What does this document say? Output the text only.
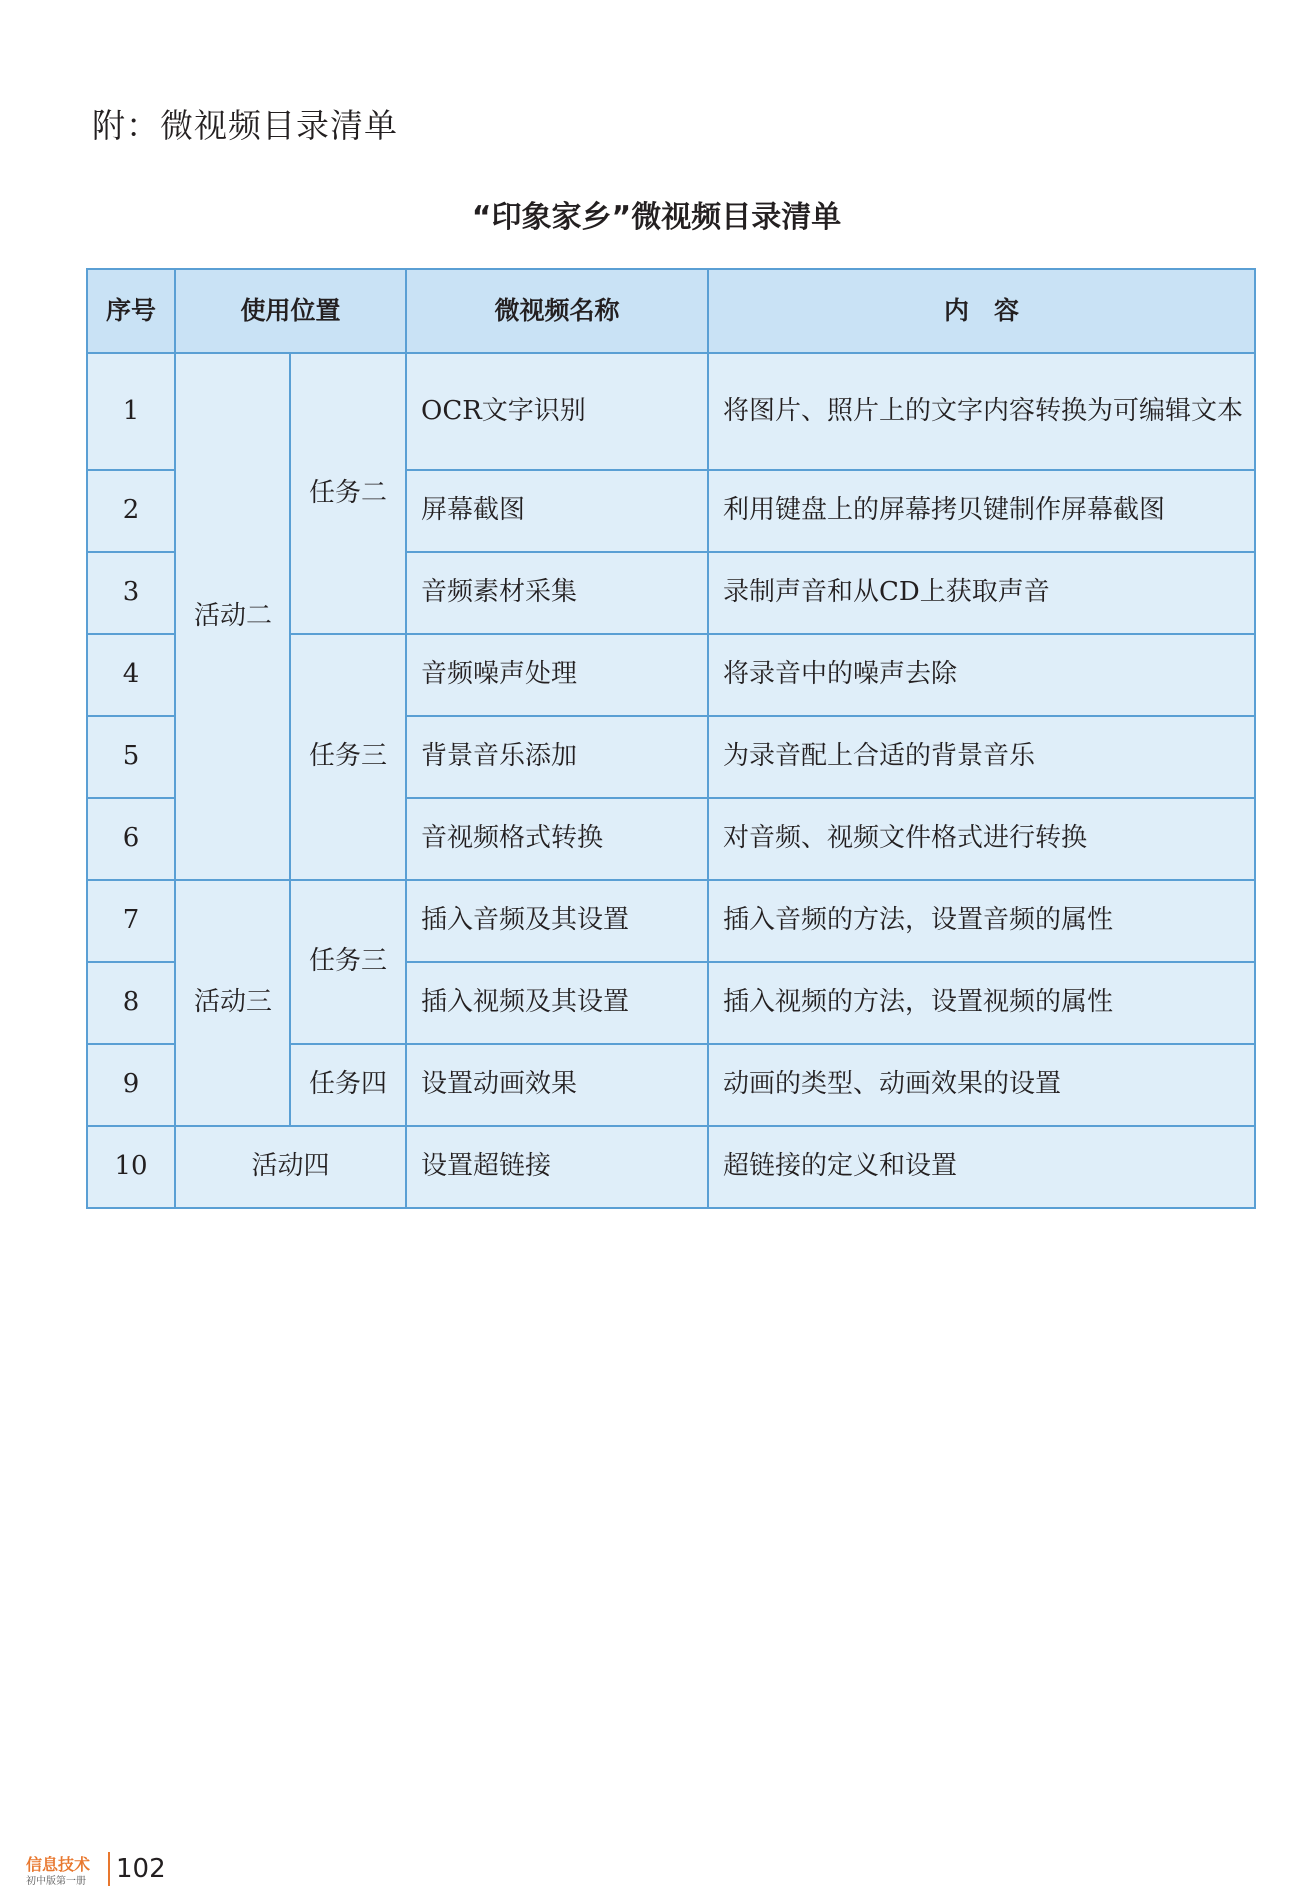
附：微视频目录清单
“印象家乡”微视频目录清单
序号	使用位置		微视频名称	内　容
1	活动二	任务二	OCR文字识别	将图片、照片上的文字内容转换为可编辑文本
2			屏幕截图	利用键盘上的屏幕拷贝键制作屏幕截图
3			音频素材采集	录制声音和从CD上获取声音
4		任务三	音频噪声处理	将录音中的噪声去除
5			背景音乐添加	为录音配上合适的背景音乐
6			音视频格式转换	对音频、视频文件格式进行转换
7	活动三	任务三	插入音频及其设置	插入音频的方法，设置音频的属性
8			插入视频及其设置	插入视频的方法，设置视频的属性
9		任务四	设置动画效果	动画的类型、动画效果的设置
10	活动四		设置超链接	超链接的定义和设置
信息技术
初中版第一册 102
